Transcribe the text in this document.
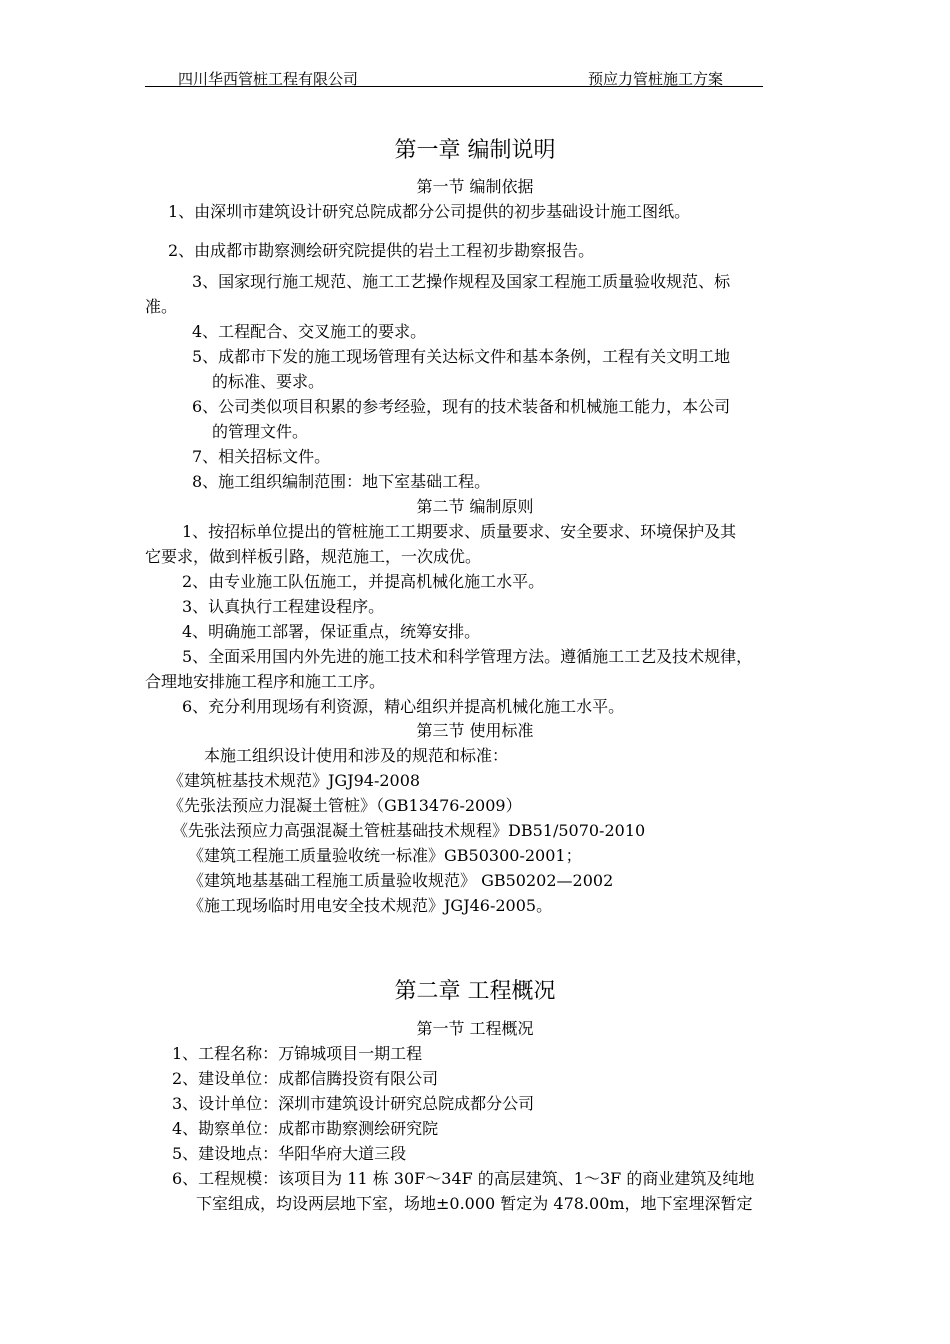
四川华西管桩工程有限公司	预应力管桩施工方案
第一章 编制说明
第一节 编制依据
1、由深圳市建筑设计研究总院成都分公司提供的初步基础设计施工图纸。
2、由成都市勘察测绘研究院提供的岩土工程初步勘察报告。
3、国家现行施工规范、施工工艺操作规程及国家工程施工质量验收规范、标
准。
4、工程配合、交叉施工的要求。
5、成都市下发的施工现场管理有关达标文件和基本条例，工程有关文明工地
的标准、要求。
6、公司类似项目积累的参考经验，现有的技术装备和机械施工能力，本公司
的管理文件。
7、相关招标文件。
8、施工组织编制范围：地下室基础工程。
第二节 编制原则
1、按招标单位提出的管桩施工工期要求、质量要求、安全要求、环境保护及其
它要求，做到样板引路，规范施工，一次成优。
2、由专业施工队伍施工，并提高机械化施工水平。
3、认真执行工程建设程序。
4、明确施工部署，保证重点，统筹安排。
5、全面采用国内外先进的施工技术和科学管理方法。遵循施工工艺及技术规律，
合理地安排施工程序和施工工序。
6、充分利用现场有利资源，精心组织并提高机械化施工水平。
第三节 使用标准
本施工组织设计使用和涉及的规范和标准：
《建筑桩基技术规范》JGJ94-2008
《先张法预应力混凝土管桩》（GB13476-2009）
《先张法预应力高强混凝土管桩基础技术规程》DB51/5070-2010
《建筑工程施工质量验收统一标准》GB50300-2001；
《建筑地基基础工程施工质量验收规范》 GB50202—2002
《施工现场临时用电安全技术规范》JGJ46-2005。
第二章 工程概况
第一节 工程概况
1、工程名称：万锦城项目一期工程
2、建设单位：成都信腾投资有限公司
3、设计单位：深圳市建筑设计研究总院成都分公司
4、勘察单位：成都市勘察测绘研究院
5、建设地点：华阳华府大道三段
6、工程规模：该项目为 11 栋 30F～34F 的高层建筑、1～3F 的商业建筑及纯地
下室组成，均设两层地下室，场地±0.000 暂定为 478.00m，地下室埋深暂定
